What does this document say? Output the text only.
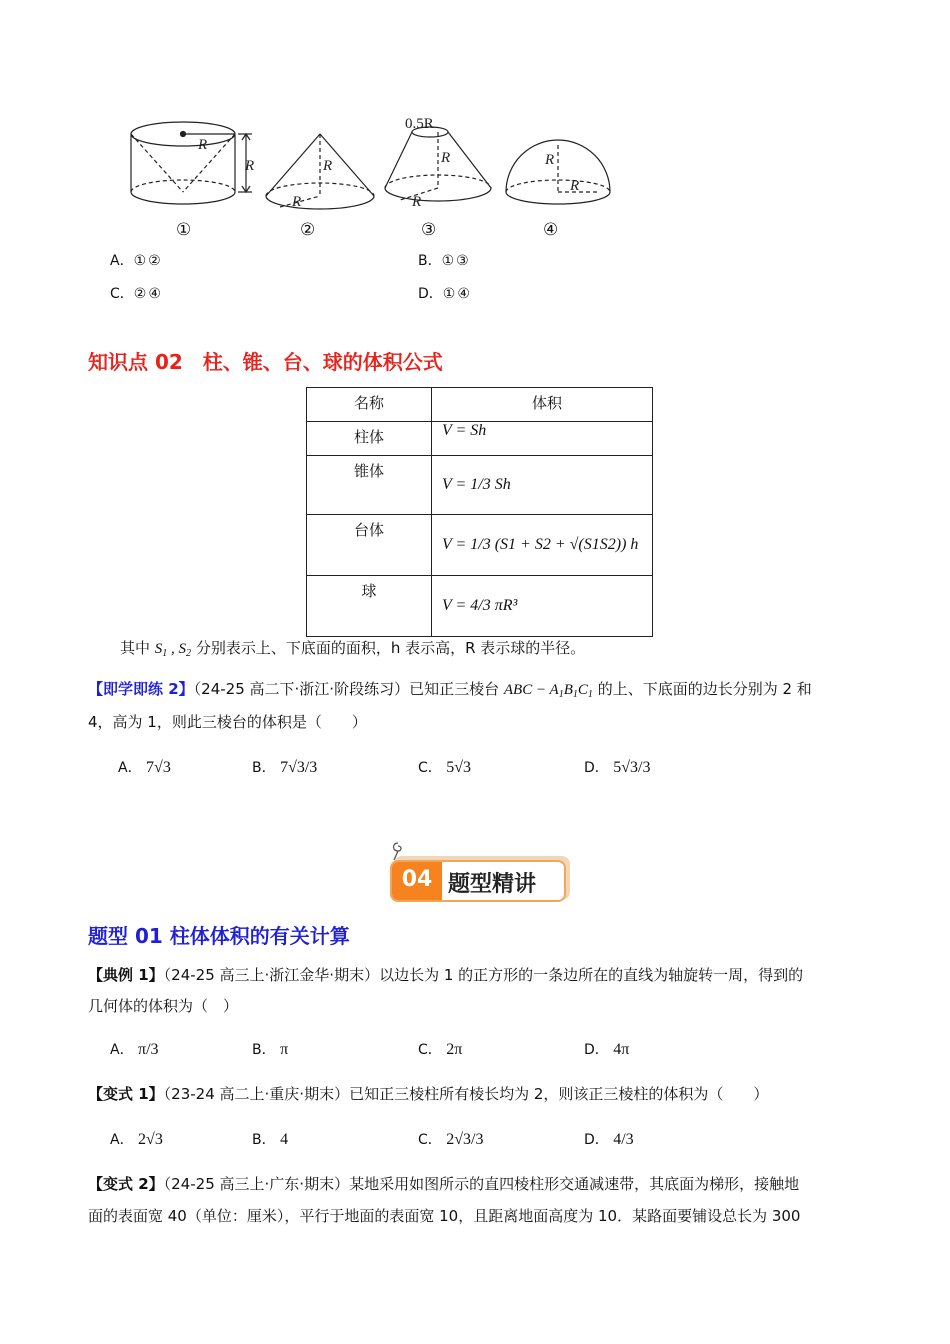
R
R	R
R
0.5R
R
R
R
R
①	②	③	④
A．①②	B．①③
C．②④	D．①④
知识点 02　柱、锥、台、球的体积公式
名称	体积
柱体	V = Sh

锥体	V = 1/3 Sh

台体	V = 1/3 (S1 + S2 + √(S1S2)) h

球	V = 4/3 πR³
其中 $S_1$ , $S_2$ 分别表示上、下底面的面积，h 表示高，R 表示球的半径。
【即学即练 2】（24-25 高二下·浙江·阶段练习）已知正三棱台 ABC − $A_1B_1C_1$ 的上、下底面的边长分别为 2 和
4，高为 1，则此三棱台的体积是（　　）
A． 7√3	B． 7√3/3	C． 5√3	D． 5√3/3
04 题型精讲
题型 01 柱体体积的有关计算
【典例 1】（24-25 高三上·浙江金华·期末）以边长为 1 的正方形的一条边所在的直线为轴旋转一周，得到的
几何体的体积为（　）
A． π/3	B． π	C． 2π	D． 4π
【变式 1】（23-24 高二上·重庆·期末）已知正三棱柱所有棱长均为 2，则该正三棱柱的体积为（　　）
A． 2√3	B． 4	C． 2√3/3	D． 4/3
【变式 2】（24-25 高三上·广东·期末）某地采用如图所示的直四棱柱形交通减速带，其底面为梯形，接触地
面的表面宽 40（单位：厘米），平行于地面的表面宽 10，且距离地面高度为 10．某路面要铺设总长为 300
